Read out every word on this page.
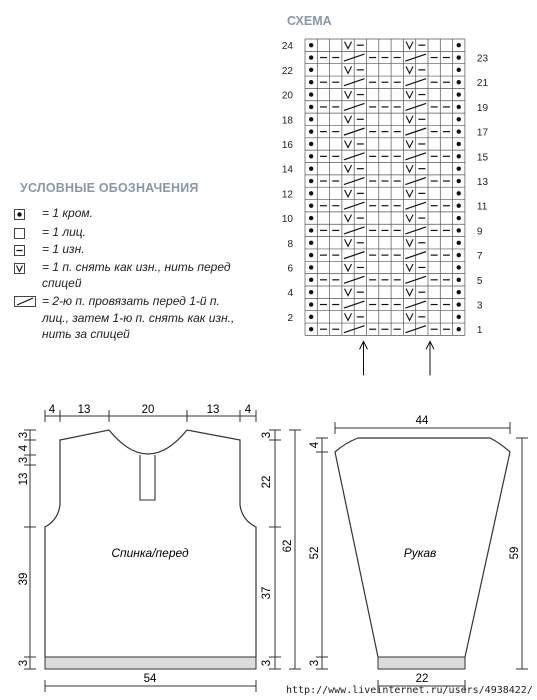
СХЕМА
2
4
6
8
10
12
14
16
18
20
22
24
1
3
5
7
9
11
13
15
17
19
21
23
УСЛОВНЫЕ ОБОЗНАЧЕНИЯ
= 1 кром.
= 1 лиц.
= 1 изн.
= 1 п. снять как изн., нить перед
спицей
= 2-ю п. провязать перед 1-й п.
лиц., затем 1-ю п. снять как изн.,
нить за спицей
4 13	20	13 4
3
4
3
13
39
3
3
22
37
3
62
54
Спинка/перед
44
4
52
3
59
22
Рукав
http://www.liveinternet.ru/users/4938422/
